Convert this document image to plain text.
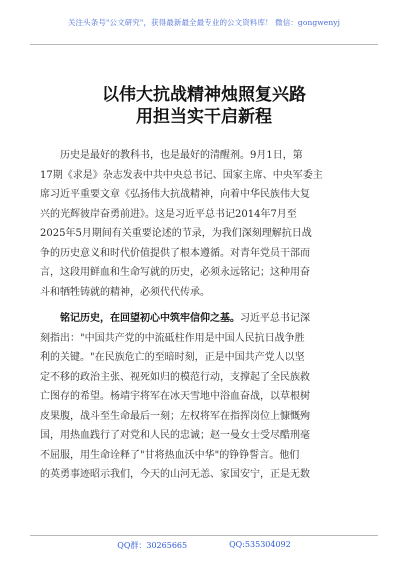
关注头条号"公文研究"，获得最新最全最专业的公文资料库！ 微信：gongwenyj
以伟大抗战精神烛照复兴路
用担当实干启新程
历史是最好的教科书，也是最好的清醒剂。9月1日，第
17期《求是》杂志发表中共中央总书记、国家主席、中央军委主
席习近平重要文章《弘扬伟大抗战精神，向着中华民族伟大复
兴的光辉彼岸奋勇前进》。这是习近平总书记2014年7月至
2025年5月期间有关重要论述的节录，为我们深刻理解抗日战
争的历史意义和时代价值提供了根本遵循。对青年党员干部而
言，这段用鲜血和生命写就的历史，必须永远铭记；这种用奋
斗和牺牲铸就的精神，必须代代传承。
铭记历史，在回望初心中筑牢信仰之基。习近平总书记深
刻指出："中国共产党的中流砥柱作用是中国人民抗日战争胜
利的关键。"在民族危亡的至暗时刻，正是中国共产党人以坚
定不移的政治主张、视死如归的模范行动，支撑起了全民族救
亡图存的希望。杨靖宇将军在冰天雪地中浴血奋战，以草根树
皮果腹，战斗至生命最后一刻；左权将军在指挥岗位上慷慨殉
国，用热血践行了对党和人民的忠诚；赵一曼女士受尽酷刑毫
不屈服，用生命诠释了"甘将热血沃中华"的铮铮誓言。他们
的英勇事迹昭示我们，今天的山河无恙、家国安宁，正是无数
QQ群：30265665	QQ:535304092
